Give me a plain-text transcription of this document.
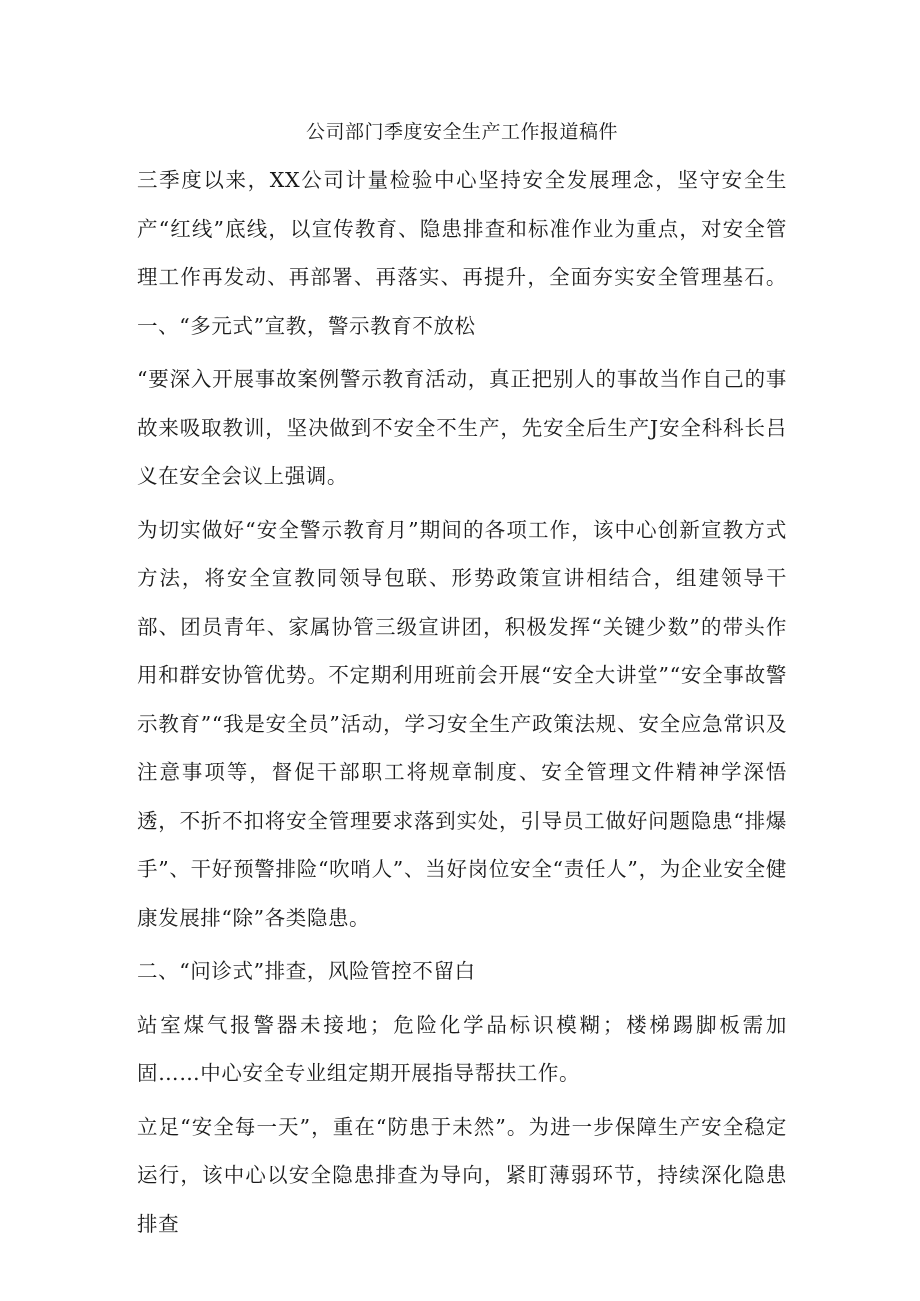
公司部门季度安全生产工作报道稿件

三季度以来，XX公司计量检验中心坚持安全发展理念，坚守安全生产“红线”底线，以宣传教育、隐患排查和标准作业为重点，对安全管理工作再发动、再部署、再落实、再提升，全面夯实安全管理基石。一、“多元式”宣教，警示教育不放松

“要深入开展事故案例警示教育活动，真正把别人的事故当作自己的事故来吸取教训，坚决做到不安全不生产，先安全后生产J安全科科长吕义在安全会议上强调。

为切实做好“安全警示教育月”期间的各项工作，该中心创新宣教方式方法，将安全宣教同领导包联、形势政策宣讲相结合，组建领导干部、团员青年、家属协管三级宣讲团，积极发挥“关键少数”的带头作用和群安协管优势。不定期利用班前会开展“安全大讲堂”“安全事故警示教育”“我是安全员”活动，学习安全生产政策法规、安全应急常识及注意事项等，督促干部职工将规章制度、安全管理文件精神学深悟透，不折不扣将安全管理要求落到实处，引导员工做好问题隐患“排爆手”、干好预警排险“吹哨人”、当好岗位安全“责任人”，为企业安全健康发展排“除”各类隐患。

二、“问诊式”排查，风险管控不留白

站室煤气报警器未接地；危险化学品标识模糊；楼梯踢脚板需加固……中心安全专业组定期开展指导帮扶工作。

立足“安全每一天”，重在“防患于未然”。为进一步保障生产安全稳定运行，该中心以安全隐患排查为导向，紧盯薄弱环节，持续深化隐患排查
